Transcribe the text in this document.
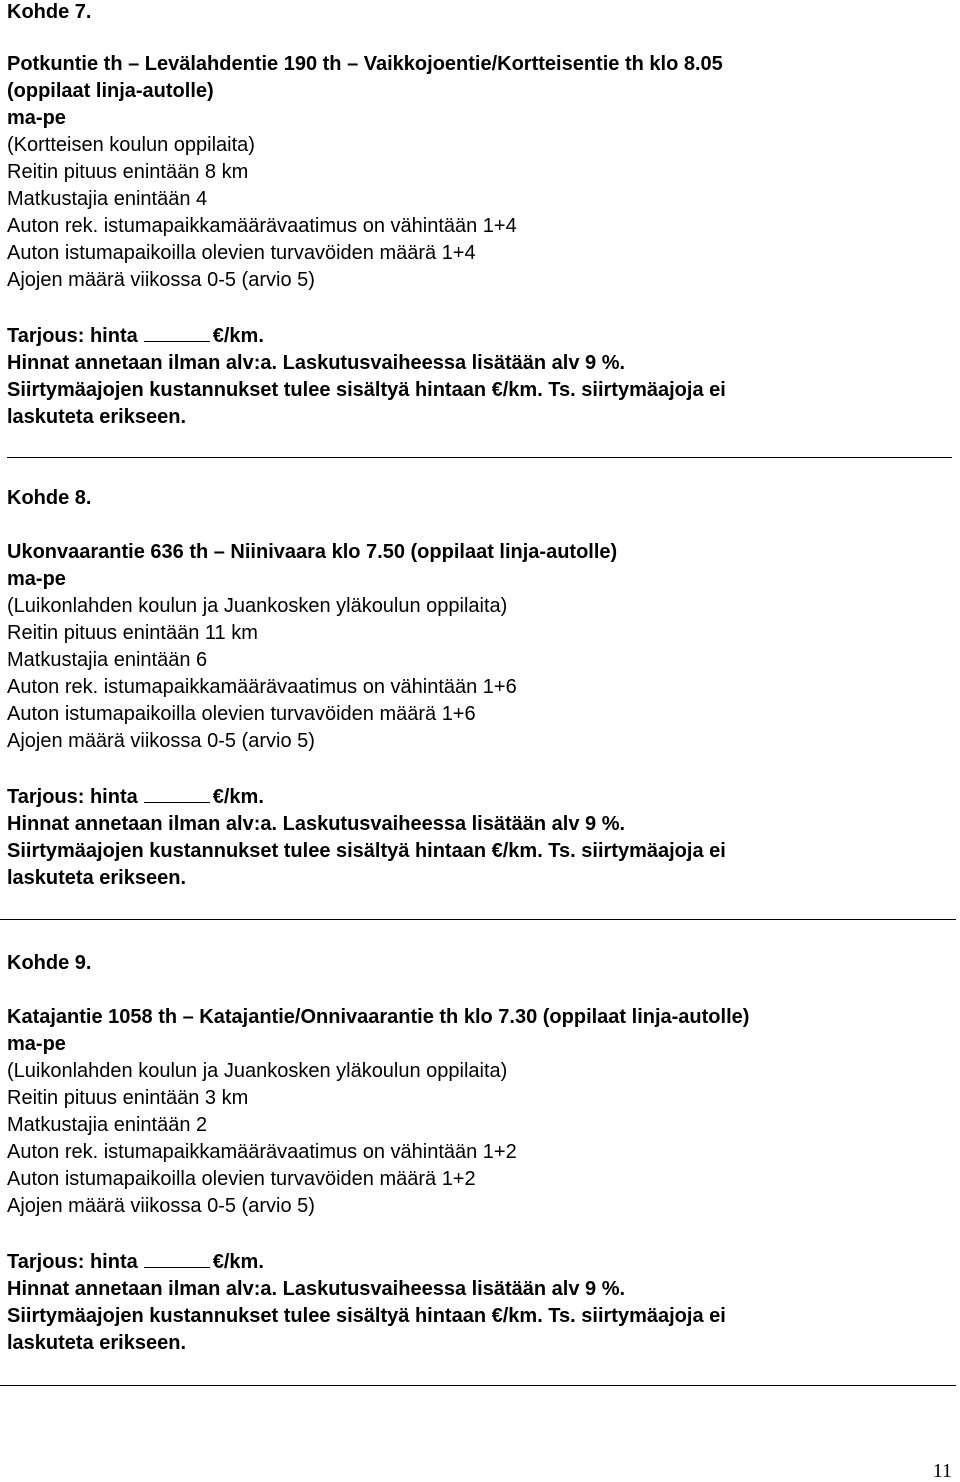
Kohde 7.
Potkuntie th – Levälahdentie 190 th – Vaikkojoentie/Kortteisentie th klo 8.05
(oppilaat linja-autolle)
ma-pe
(Kortteisen koulun oppilaita)
Reitin pituus enintään 8 km
Matkustajia enintään 4
Auton rek. istumapaikkamäärävaatimus on vähintään 1+4
Auton istumapaikoilla olevien turvavöiden määrä 1+4
Ajojen määrä viikossa 0-5 (arvio 5)
Tarjous: hinta	€/km.
Hinnat annetaan ilman alv:a. Laskutusvaiheessa lisätään alv 9 %.
Siirtymäajojen kustannukset tulee sisältyä hintaan €/km. Ts. siirtymäajoja ei
laskuteta erikseen.
Kohde 8.
Ukonvaarantie 636 th – Niinivaara klo 7.50 (oppilaat linja-autolle)
ma-pe
(Luikonlahden koulun ja Juankosken yläkoulun oppilaita)
Reitin pituus enintään 11 km
Matkustajia enintään 6
Auton rek. istumapaikkamäärävaatimus on vähintään 1+6
Auton istumapaikoilla olevien turvavöiden määrä 1+6
Ajojen määrä viikossa 0-5 (arvio 5)
Tarjous: hinta	€/km.
Hinnat annetaan ilman alv:a. Laskutusvaiheessa lisätään alv 9 %.
Siirtymäajojen kustannukset tulee sisältyä hintaan €/km. Ts. siirtymäajoja ei
laskuteta erikseen.
Kohde 9.
Katajantie 1058 th – Katajantie/Onnivaarantie th klo 7.30 (oppilaat linja-autolle)
ma-pe
(Luikonlahden koulun ja Juankosken yläkoulun oppilaita)
Reitin pituus enintään 3 km
Matkustajia enintään 2
Auton rek. istumapaikkamäärävaatimus on vähintään 1+2
Auton istumapaikoilla olevien turvavöiden määrä 1+2
Ajojen määrä viikossa 0-5 (arvio 5)
Tarjous: hinta	€/km.
Hinnat annetaan ilman alv:a. Laskutusvaiheessa lisätään alv 9 %.
Siirtymäajojen kustannukset tulee sisältyä hintaan €/km. Ts. siirtymäajoja ei
laskuteta erikseen.
11
